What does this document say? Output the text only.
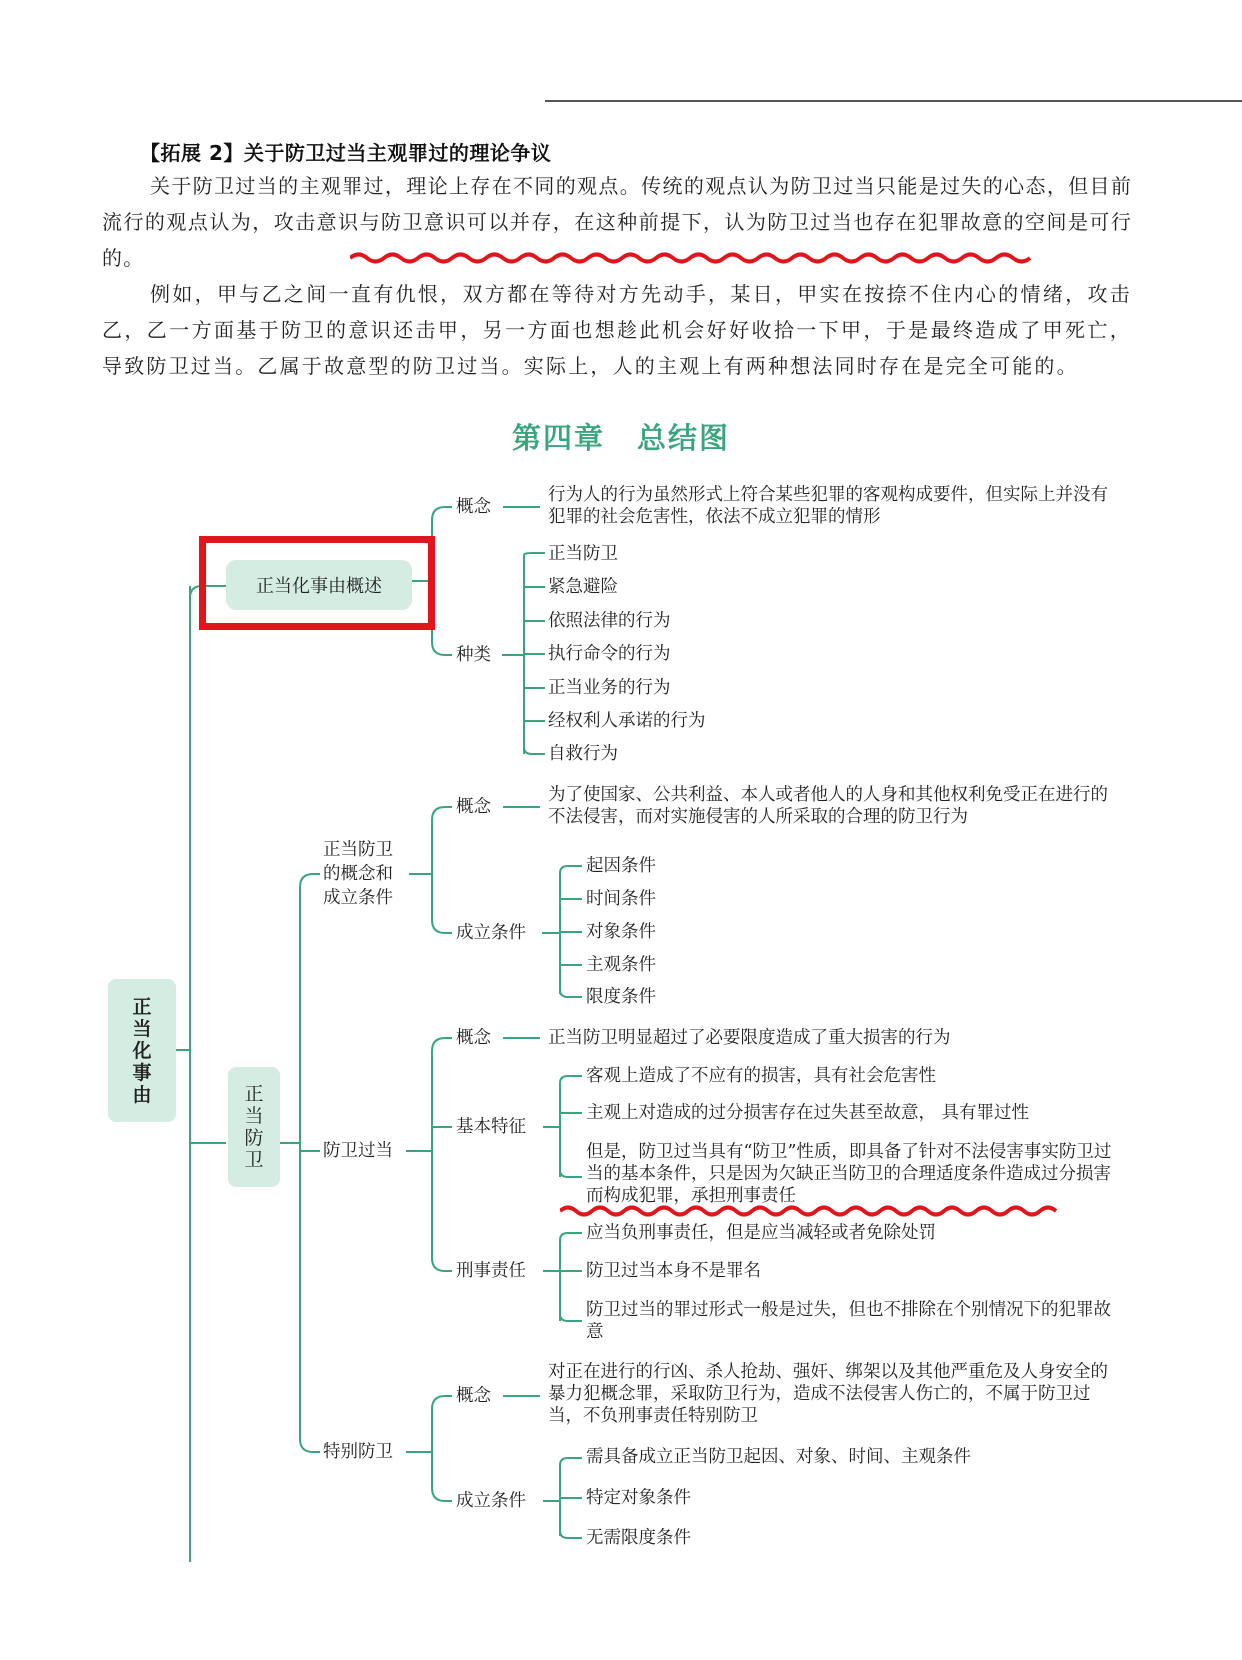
【拓展 2】关于防卫过当主观罪过的理论争议

关于防卫过当的主观罪过，理论上存在不同的观点。传统的观点认为防卫过当只能是过失的心态，但目前流行的观点认为，攻击意识与防卫意识可以并存，在这种前提下，认为防卫过当也存在犯罪故意的空间是可行的。

例如，甲与乙之间一直有仇恨，双方都在等待对方先动手，某日，甲实在按捺不住内心的情绪，攻击乙，乙一方面基于防卫的意识还击甲，另一方面也想趁此机会好好收拾一下甲，于是最终造成了甲死亡，导致防卫过当。乙属于故意型的防卫过当。实际上，人的主观上有两种想法同时存在是完全可能的。

第四章 总结图
正
当
化
事
由
正当化事由概述
概念
行为人的行为虽然形式上符合某些犯罪的客观构成要件，但实际上并没有犯罪的社会危害性，依法不成立犯罪的情形
种类
正当防卫
紧急避险
依照法律的行为
执行命令的行为
正当业务的行为
经权利人承诺的行为
自救行为
正
当
防
卫
正当防卫
的概念和
成立条件
概念
为了使国家、公共利益、本人或者他人的人身和其他权利免受正在进行的不法侵害，而对实施侵害的人所采取的合理的防卫行为
成立条件
起因条件
时间条件
对象条件
主观条件
限度条件
防卫过当
概念	正当防卫明显超过了必要限度造成了重大损害的行为
基本特征
客观上造成了不应有的损害，具有社会危害性
主观上对造成的过分损害存在过失甚至故意， 具有罪过性
但是，防卫过当具有“防卫”性质，即具备了针对不法侵害事实防卫过当的基本条件，只是因为欠缺正当防卫的合理适度条件造成过分损害而构成犯罪，承担刑事责任
刑事责任
应当负刑事责任，但是应当减轻或者免除处罚
防卫过当本身不是罪名
防卫过当的罪过形式一般是过失，但也不排除在个别情况下的犯罪故意
特别防卫
概念
对正在进行的行凶、杀人抢劫、强奸、绑架以及其他严重危及人身安全的暴力犯概念罪，采取防卫行为，造成不法侵害人伤亡的，不属于防卫过当，不负刑事责任特别防卫
成立条件
需具备成立正当防卫起因、对象、时间、主观条件
特定对象条件
无需限度条件
